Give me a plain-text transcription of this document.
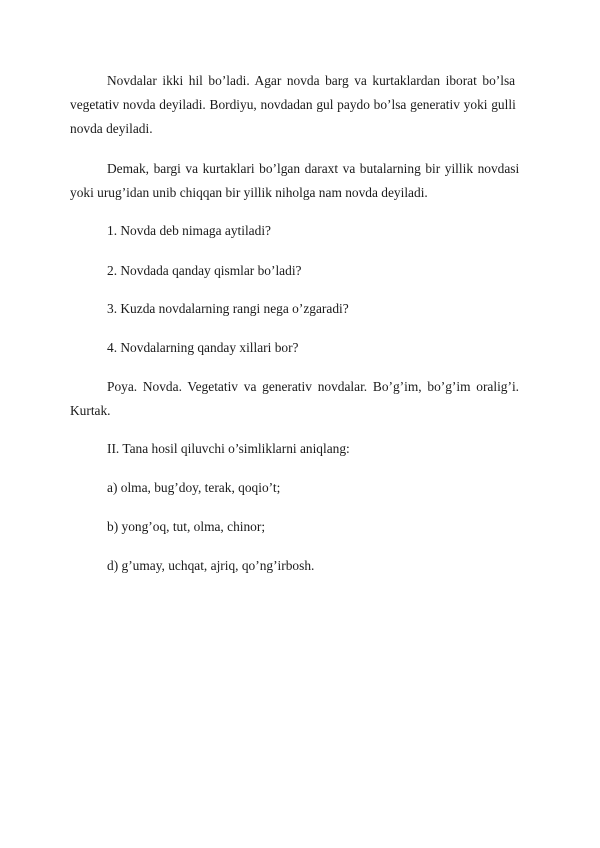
Novdalar ikki hil bo’ladi. Agar novda barg va kurtaklardan iborat bo’lsa
vegetativ novda deyiladi. Bordiyu, novdadan gul paydo bo’lsa generativ yoki gulli
novda deyiladi.
Demak, bargi va kurtaklari bo’lgan daraxt va butalarning bir yillik novdasi
yoki urug’idan unib chiqqan bir yillik niholga nam novda deyiladi.
1. Novda deb nimaga aytiladi?
2. Novdada qanday qismlar bo’ladi?
3. Kuzda novdalarning rangi nega o’zgaradi?
4. Novdalarning qanday xillari bor?
Poya. Novda. Vegetativ va generativ novdalar. Bo’g’im, bo’g’im oralig’i.
Kurtak.
II. Tana hosil qiluvchi o’simliklarni aniqlang:
a) olma, bug’doy, terak, qoqio’t;
b) yong’oq, tut, olma, chinor;
d) g’umay, uchqat, ajriq, qo’ng’irbosh.
